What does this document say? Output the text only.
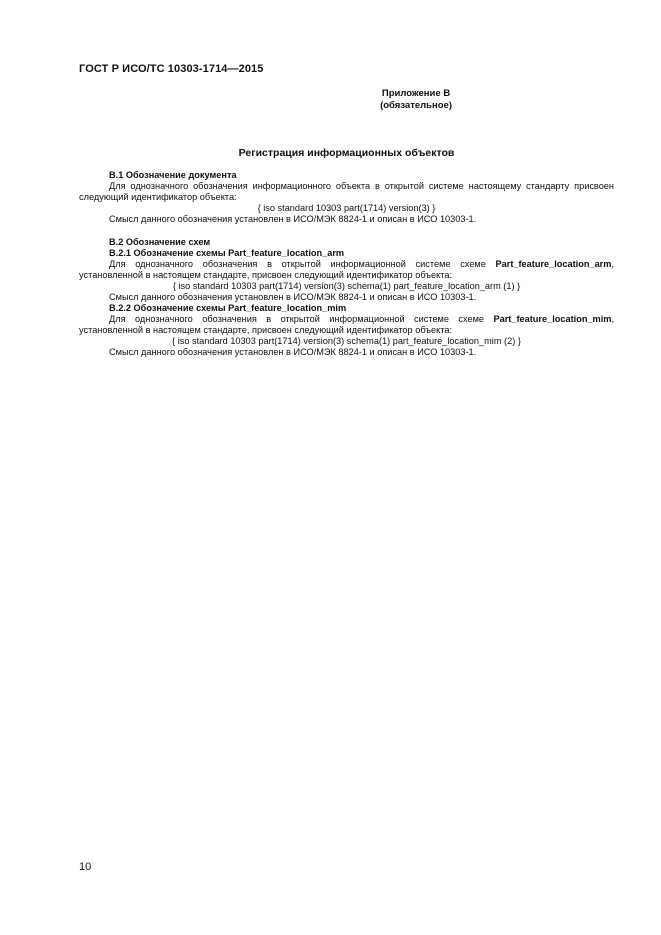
ГОСТ Р ИСО/ТС 10303-1714—2015
Приложение В
(обязательное)
Регистрация информационных объектов

В.1 Обозначение документа

Для однозначного обозначения информационного объекта в открытой системе настоящему стандарту присвоен следующий идентификатор объекта:

{ iso standard 10303 part(1714) version(3) }

Смысл данного обозначения установлен в ИСО/МЭК 8824-1 и описан в ИСО 10303-1.

В.2 Обозначение схем

В.2.1 Обозначение схемы Part_feature_location_arm

Для однозначного обозначения в открытой информационной системе схеме Part_feature_location_arm, установленной в настоящем стандарте, присвоен следующий идентификатор объекта:

{ iso standard 10303 part(1714) version(3) schema(1) part_feature_location_arm (1) }

Смысл данного обозначения установлен в ИСО/МЭК 8824-1 и описан в ИСО 10303-1.

В.2.2 Обозначение схемы Part_feature_location_mim

Для однозначного обозначения в открытой информационной системе схеме Part_feature_location_mim, установленной в настоящем стандарте, присвоен следующий идентификатор объекта:

{ iso standard 10303 part(1714) version(3) schema(1) part_feature_location_mim (2) }

Смысл данного обозначения установлен в ИСО/МЭК 8824-1 и описан в ИСО 10303-1.

10
